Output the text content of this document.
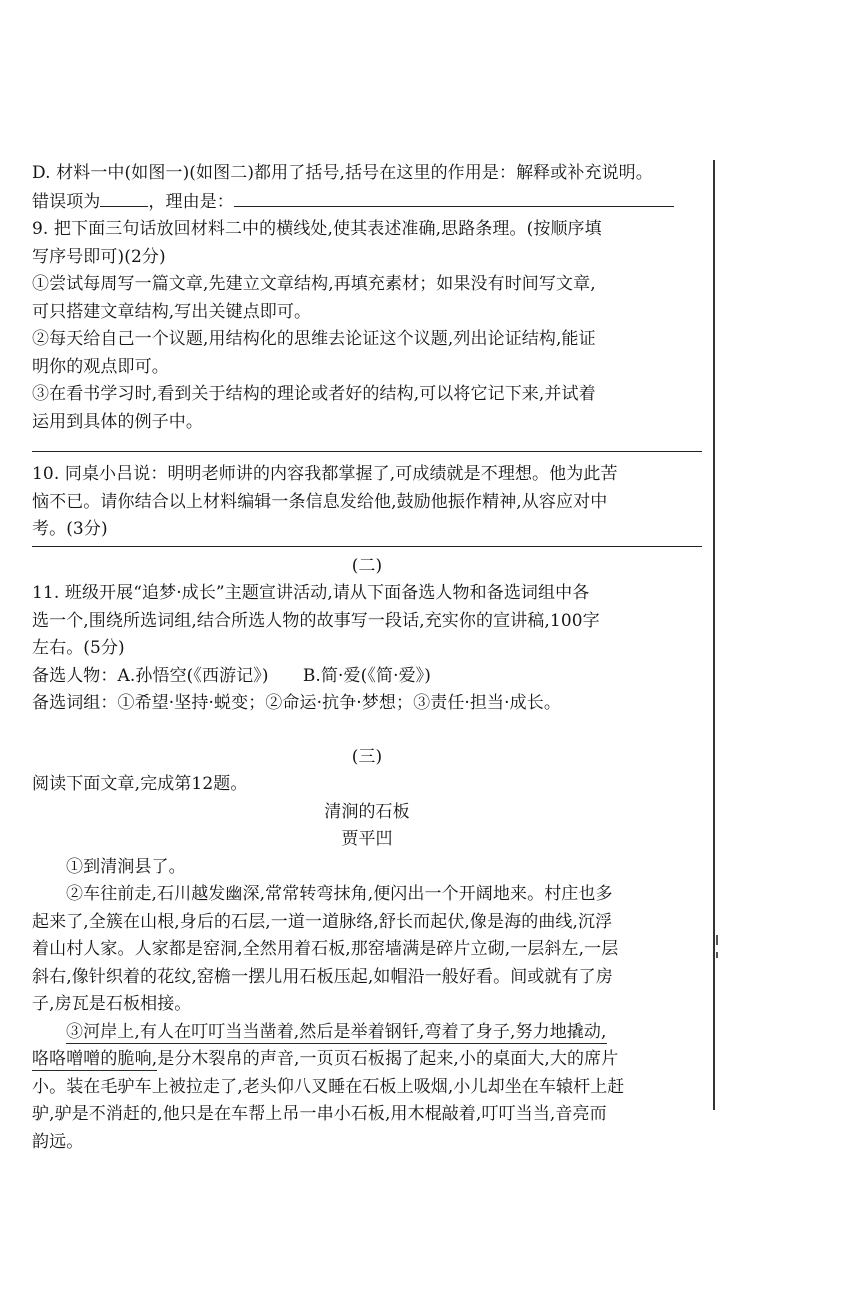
D. 材料一中(如图一)(如图二)都用了括号,括号在这里的作用是：解释或补充说明。
错误项为	，理由是：
9. 把下面三句话放回材料二中的横线处,使其表述准确,思路条理。(按顺序填
写序号即可)(2分)
①尝试每周写一篇文章,先建立文章结构,再填充素材；如果没有时间写文章,
可只搭建文章结构,写出关键点即可。
②每天给自己一个议题,用结构化的思维去论证这个议题,列出论证结构,能证
明你的观点即可。
③在看书学习时,看到关于结构的理论或者好的结构,可以将它记下来,并试着
运用到具体的例子中。
10. 同桌小吕说：明明老师讲的内容我都掌握了,可成绩就是不理想。他为此苦
恼不已。请你结合以上材料编辑一条信息发给他,鼓励他振作精神,从容应对中
考。(3分)
(二)
11. 班级开展“追梦·成长”主题宣讲活动,请从下面备选人物和备选词组中各
选一个,围绕所选词组,结合所选人物的故事写一段话,充实你的宣讲稿,100字
左右。(5分)
备选人物：A.孙悟空(《西游记》)　　B.简·爱(《简·爱》)
备选词组：①希望·坚持·蜕变；②命运·抗争·梦想；③责任·担当·成长。
(三)
阅读下面文章,完成第12题。
清涧的石板
贾平凹
①到清涧县了。
②车往前走,石川越发幽深,常常转弯抹角,便闪出一个开阔地来。村庄也多
起来了,全簇在山根,身后的石层,一道一道脉络,舒长而起伏,像是海的曲线,沉浮
着山村人家。人家都是窑洞,全然用着石板,那窑墙满是碎片立砌,一层斜左,一层
斜右,像针织着的花纹,窑檐一摆儿用石板压起,如帽沿一般好看。间或就有了房
子,房瓦是石板相接。
③河岸上,有人在叮叮当当凿着,然后是举着钢钎,弯着了身子,努力地撬动,
咯咯噌噌的脆响,是分木裂帛的声音,一页页石板揭了起来,小的桌面大,大的席片
小。装在毛驴车上被拉走了,老头仰八叉睡在石板上吸烟,小儿却坐在车辕杆上赶
驴,驴是不消赶的,他只是在车帮上吊一串小石板,用木棍敲着,叮叮当当,音亮而
韵远。
